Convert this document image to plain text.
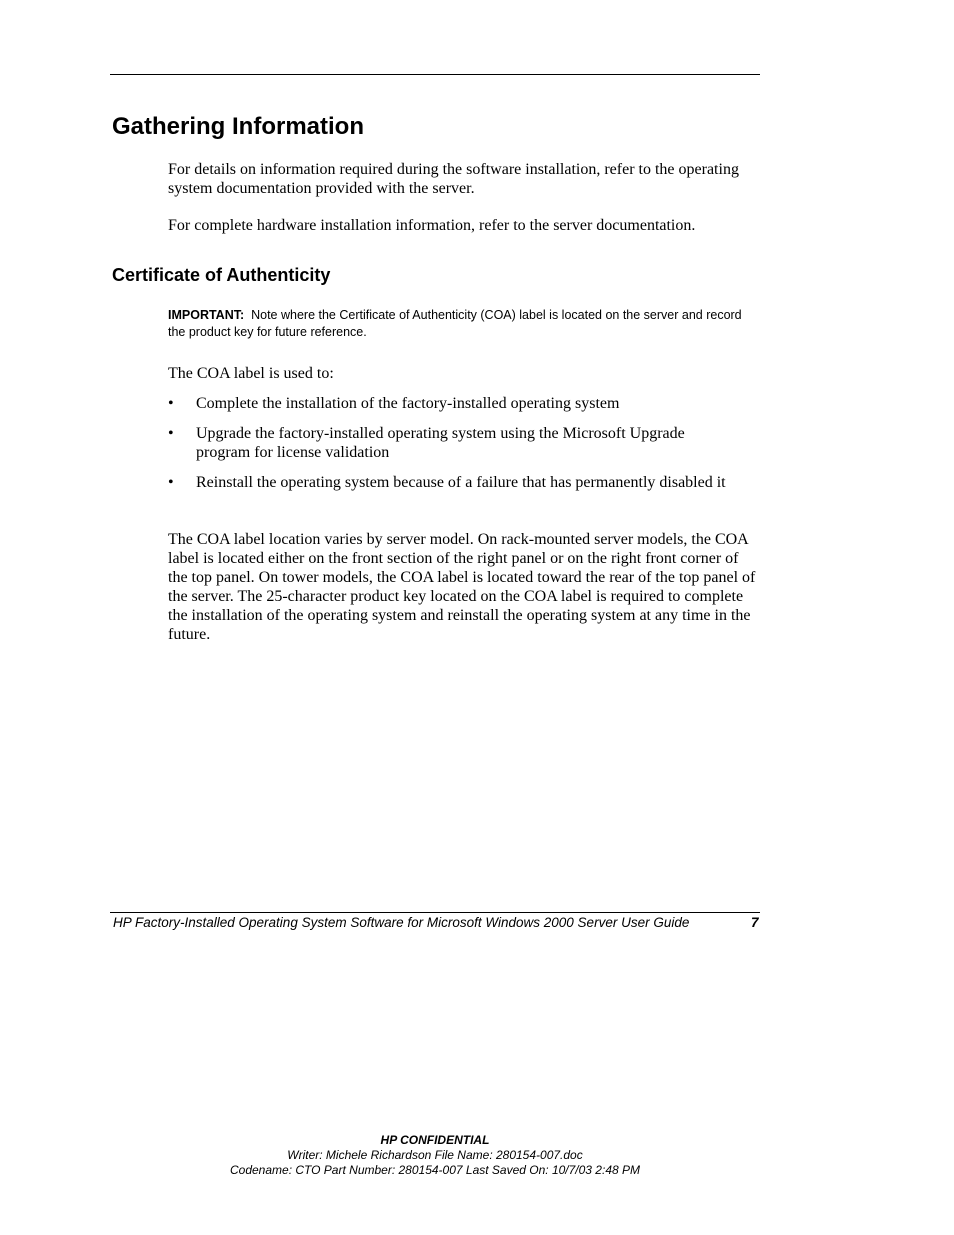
Gathering Information

For details on information required during the software installation, refer to the operating system documentation provided with the server.

For complete hardware installation information, refer to the server documentation.

Certificate of Authenticity

IMPORTANT: Note where the Certificate of Authenticity (COA) label is located on the server and record the product key for future reference.

The COA label is used to:

• Complete the installation of the factory-installed operating system
• Upgrade the factory-installed operating system using the Microsoft Upgrade program for license validation
• Reinstall the operating system because of a failure that has permanently disabled it

The COA label location varies by server model. On rack-mounted server models, the COA label is located either on the front section of the right panel or on the right front corner of the top panel. On tower models, the COA label is located toward the rear of the top panel of the server. The 25-character product key located on the COA label is required to complete the installation of the operating system and reinstall the operating system at any time in the future.

HP Factory-Installed Operating System Software for Microsoft Windows 2000 Server User Guide	7
HP CONFIDENTIAL
Writer: Michele Richardson File Name: 280154-007.doc
Codename: CTO Part Number: 280154-007 Last Saved On: 10/7/03 2:48 PM
